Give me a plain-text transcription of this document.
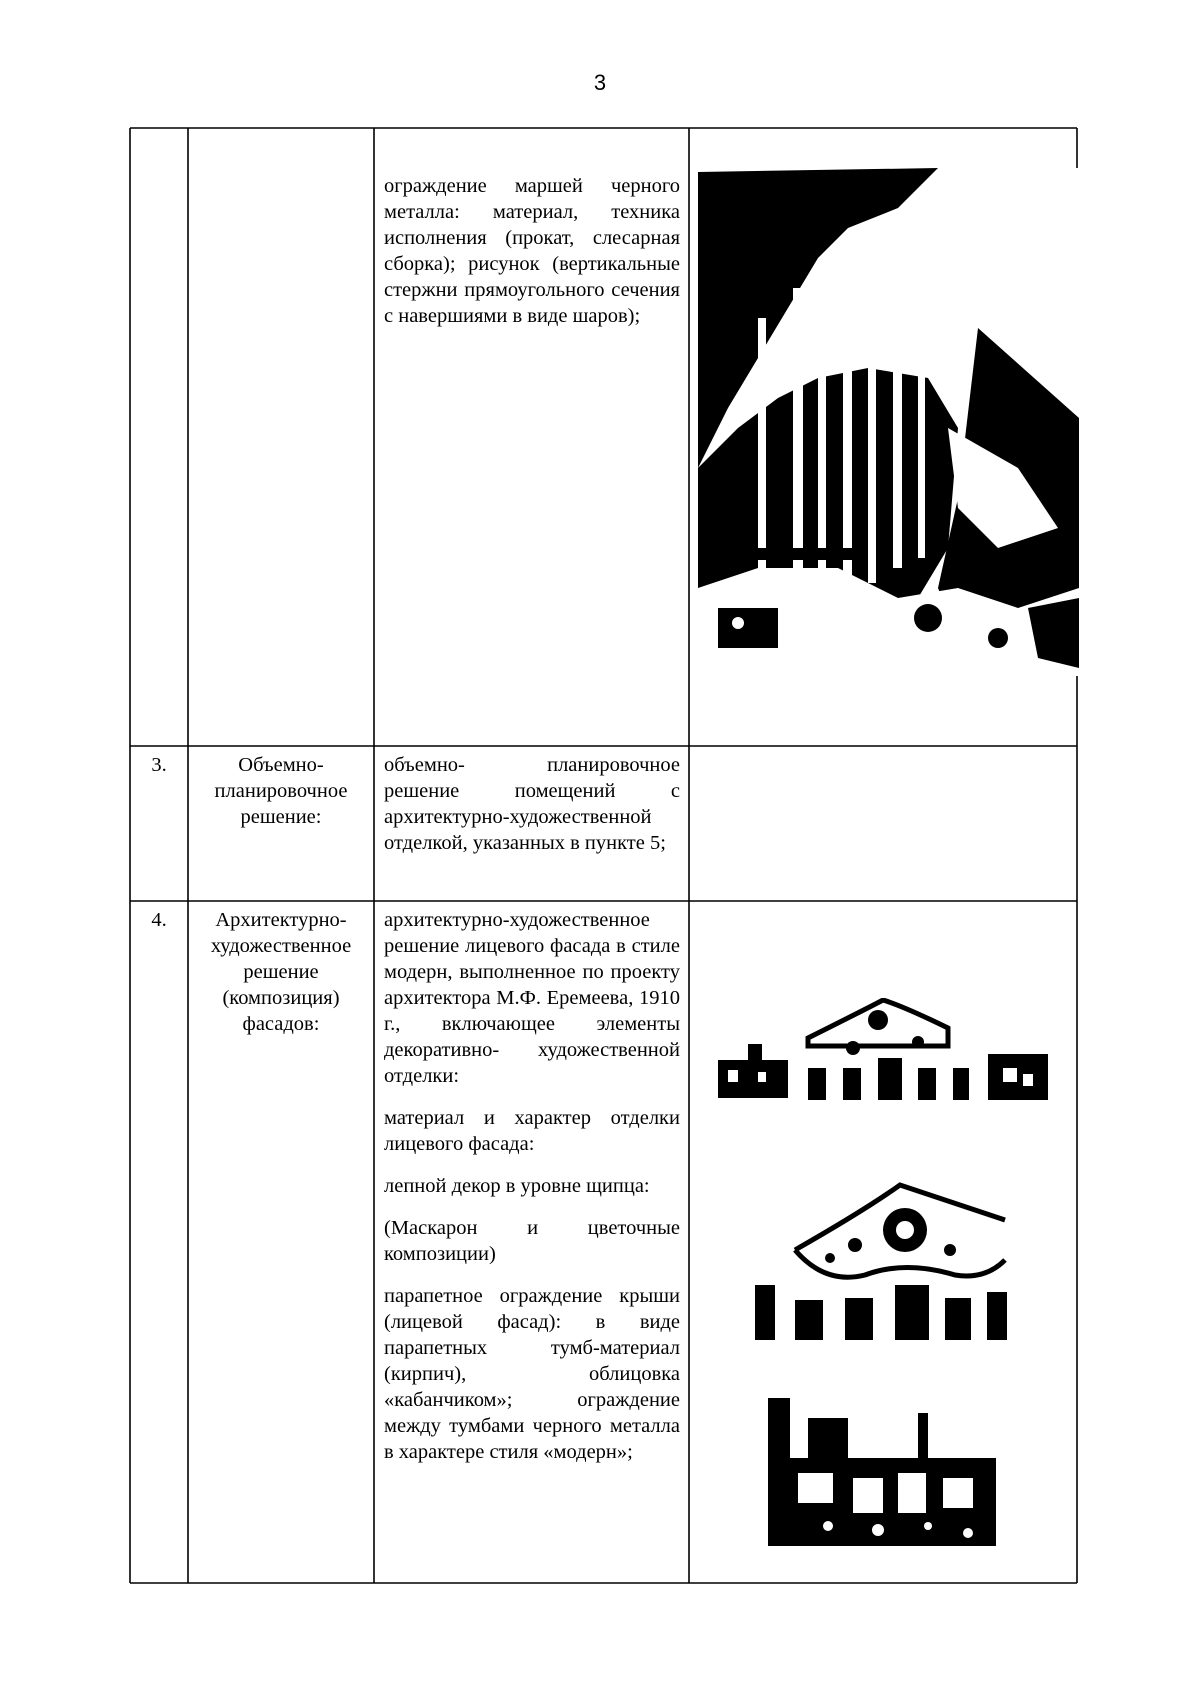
3

ограждение маршей черного металла: материал, техника исполнения (прокат, слесарная сборка); рисунок (вертикальные стержни прямоугольного сечения с навершиями в виде шаров);

3.	Объемно-планировочное решение:

объемно- планировочное решение помещений с архитектурно-художественной отделкой, указанных в пункте 5;

4.	Архитектурно-художественное решение (композиция) фасадов:

архитектурно-художественное решение лицевого фасада в стиле модерн, выполненное по проекту архитектора М.Ф. Еремеева, 1910 г., включающее элементы декоративно- художественной отделки:

материал и характер отделки лицевого фасада:

лепной декор в уровне щипца:

(Маскарон и цветочные композиции)

парапетное ограждение крыши (лицевой фасад): в виде парапетных тумб-материал (кирпич), облицовка «кабанчиком»; ограждение между тумбами черного металла в характере стиля «модерн»;
